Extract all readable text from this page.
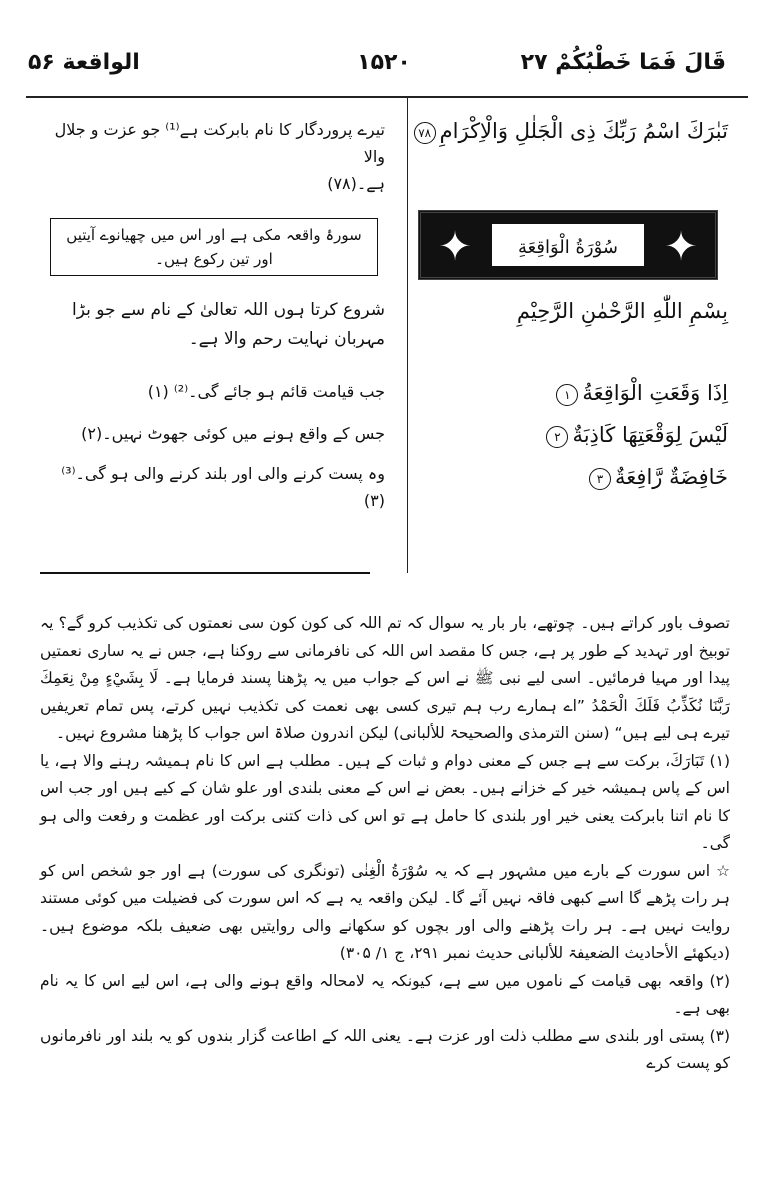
الواقعة ۵۶	۱۵۲۰	قَالَ فَمَا خَطْبُكُمْ ۲۷
تَبٰرَكَ اسْمُ رَبِّكَ ذِى الْجَلٰلِ وَالْاِكْرَامِ۷۸
✦	سُوْرَةُ الْوَاقِعَةِ	✦
بِسْمِ اللّٰهِ الرَّحْمٰنِ الرَّحِيْمِ
اِذَا وَقَعَتِ الْوَاقِعَةُ۱
لَيْسَ لِوَقْعَتِهَا كَاذِبَةٌ۲
خَافِضَةٌ رَّافِعَةٌ۳
تیرے پروردگار کا نام بابرکت ہے⁽¹⁾ جو عزت و جلال والا
ہے۔(۷۸)
سورۂ واقعہ مکی ہے اور اس میں چھیانوے آیتیں اور تین رکوع ہیں۔
شروع کرتا ہوں اللہ تعالیٰ کے نام سے جو بڑا مہربان نہایت رحم والا ہے۔
جب قیامت قائم ہو جائے گی۔⁽²⁾ (۱)
جس کے واقع ہونے میں کوئی جھوٹ نہیں۔(۲)
وہ پست کرنے والی اور بلند کرنے والی ہو گی۔⁽³⁾ (۳)

تصوف باور کراتے ہیں۔ چوتھے، بار بار یہ سوال کہ تم اللہ کی کون کون سی نعمتوں کی تکذیب کرو گے؟ یہ توبیخ اور تہدید کے طور پر ہے، جس کا مقصد اس اللہ کی نافرمانی سے روکنا ہے، جس نے یہ ساری نعمتیں پیدا اور مہیا فرمائیں۔ اسی لیے نبی ﷺ نے اس کے جواب میں یہ پڑھنا پسند فرمایا ہے۔ لَا بِشَيْءٍ مِنْ نِعَمِكَ رَبَّنَا نُكَذِّبُ فَلَكَ الْحَمْدُ ”اے ہمارے رب ہم تیری کسی بھی نعمت کی تکذیب نہیں کرتے، پس تمام تعریفیں تیرے ہی لیے ہیں“ (سنن الترمذی والصحیحۃ للألبانی) لیکن اندرون صلاۃ اس جواب کا پڑھنا مشروع نہیں۔

(۱) تَبَارَكَ، برکت سے ہے جس کے معنی دوام و ثبات کے ہیں۔ مطلب ہے اس کا نام ہمیشہ رہنے والا ہے، یا اس کے پاس ہمیشہ خیر کے خزانے ہیں۔ بعض نے اس کے معنی بلندی اور علو شان کے کیے ہیں اور جب اس کا نام اتنا بابرکت یعنی خیر اور بلندی کا حامل ہے تو اس کی ذات کتنی برکت اور عظمت و رفعت والی ہو گی۔

☆ اس سورت کے بارے میں مشہور ہے کہ یہ سُوْرَةُ الْغِنٰی (تونگری کی سورت) ہے اور جو شخص اس کو ہر رات پڑھے گا اسے کبھی فاقہ نہیں آئے گا۔ لیکن واقعہ یہ ہے کہ اس سورت کی فضیلت میں کوئی مستند روایت نہیں ہے۔ ہر رات پڑھنے والی اور بچوں کو سکھانے والی روایتیں بھی ضعیف بلکہ موضوع ہیں۔ (دیکھئے الأحادیث الضعیفۃ للألبانی حدیث نمبر ۲۹۱، ج ۱/ ۳۰۵)

(۲) واقعہ بھی قیامت کے ناموں میں سے ہے، کیونکہ یہ لامحالہ واقع ہونے والی ہے، اس لیے اس کا یہ نام بھی ہے۔

(۳) پستی اور بلندی سے مطلب ذلت اور عزت ہے۔ یعنی اللہ کے اطاعت گزار بندوں کو یہ بلند اور نافرمانوں کو پست کرے
